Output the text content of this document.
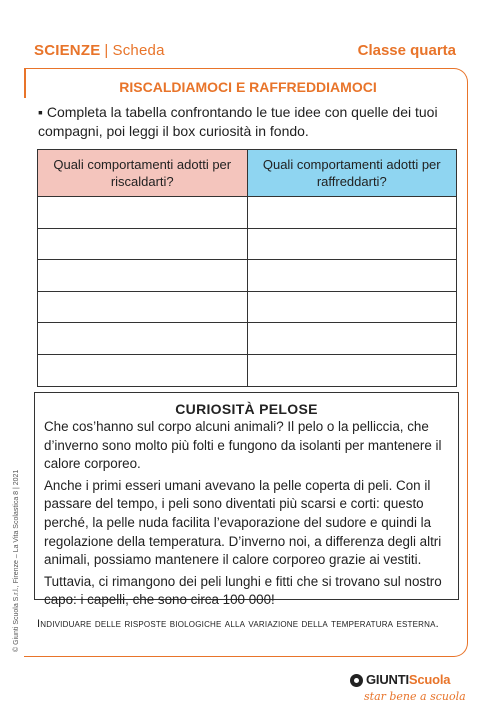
SCIENZE | Scheda	Classe quarta
RISCALDIAMOCI E RAFFREDDIAMOCI
▪ Completa la tabella confrontando le tue idee con quelle dei tuoi compagni, poi leggi il box curiosità in fondo.
Quali comportamenti adotti per riscaldarti?	Quali comportamenti adotti per raffreddarti?

CURIOSITÀ PELOSE

Che cos’hanno sul corpo alcuni animali? Il pelo o la pelliccia, che d’inverno sono molto più folti e fungono da isolanti per mantenere il calore corporeo.

Anche i primi esseri umani avevano la pelle coperta di peli. Con il passare del tempo, i peli sono diventati più scarsi e corti: questo perché, la pelle nuda facilita l’evaporazione del sudore e quindi la regolazione della temperatura. D’inverno noi, a differenza degli altri animali, possiamo mantenere il calore corporeo grazie ai vestiti.

Tuttavia, ci rimangono dei peli lunghi e fitti che si trovano sul nostro capo: i capelli, che sono circa 100 000!

Individuare delle risposte biologiche alla variazione della temperatura esterna.
© Giunti Scuola S.r.l., Firenze – La Vita Scolastica 8 | 2021
GIUNTIScuola
star bene a scuola
